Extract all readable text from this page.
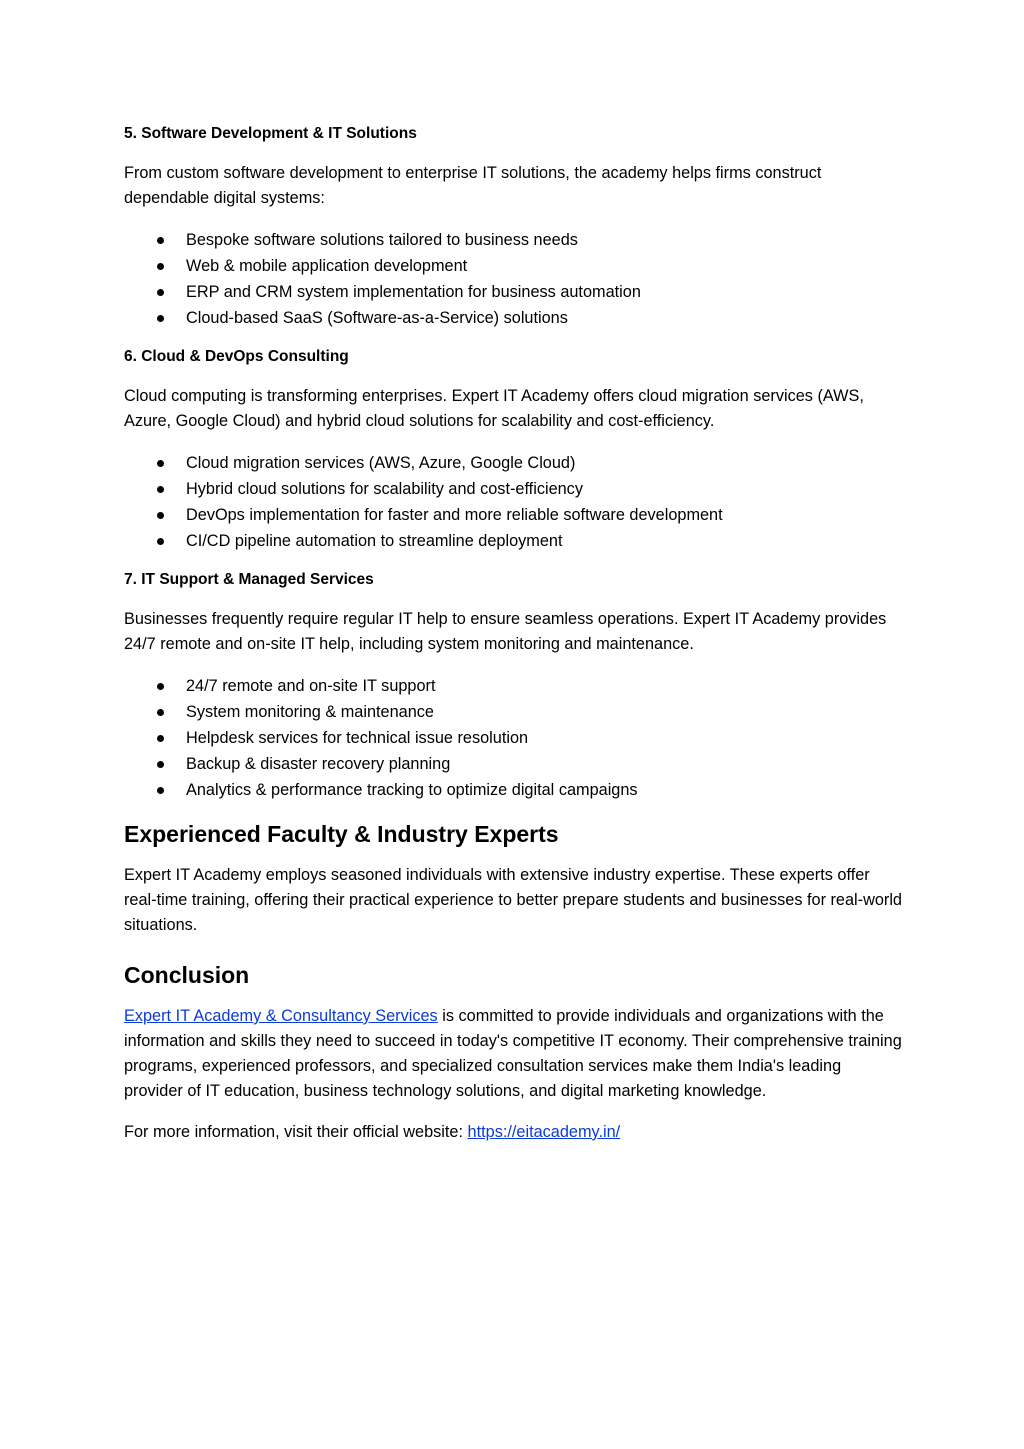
5. Software Development & IT Solutions

From custom software development to enterprise IT solutions, the academy helps firms construct dependable digital systems:

Bespoke software solutions tailored to business needs
Web & mobile application development
ERP and CRM system implementation for business automation
Cloud-based SaaS (Software-as-a-Service) solutions
6. Cloud & DevOps Consulting

Cloud computing is transforming enterprises. Expert IT Academy offers cloud migration services (AWS, Azure, Google Cloud) and hybrid cloud solutions for scalability and cost-efficiency.

Cloud migration services (AWS, Azure, Google Cloud)
Hybrid cloud solutions for scalability and cost-efficiency
DevOps implementation for faster and more reliable software development
CI/CD pipeline automation to streamline deployment
7. IT Support & Managed Services

Businesses frequently require regular IT help to ensure seamless operations. Expert IT Academy provides 24/7 remote and on-site IT help, including system monitoring and maintenance.

24/7 remote and on-site IT support
System monitoring & maintenance
Helpdesk services for technical issue resolution
Backup & disaster recovery planning
Analytics & performance tracking to optimize digital campaigns
Experienced Faculty & Industry Experts

Expert IT Academy employs seasoned individuals with extensive industry expertise. These experts offer real-time training, offering their practical experience to better prepare students and businesses for real-world situations.

Conclusion

Expert IT Academy & Consultancy Services is committed to provide individuals and organizations with the information and skills they need to succeed in today's competitive IT economy. Their comprehensive training programs, experienced professors, and specialized consultation services make them India's leading provider of IT education, business technology solutions, and digital marketing knowledge.

For more information, visit their official website: https://eitacademy.in/
